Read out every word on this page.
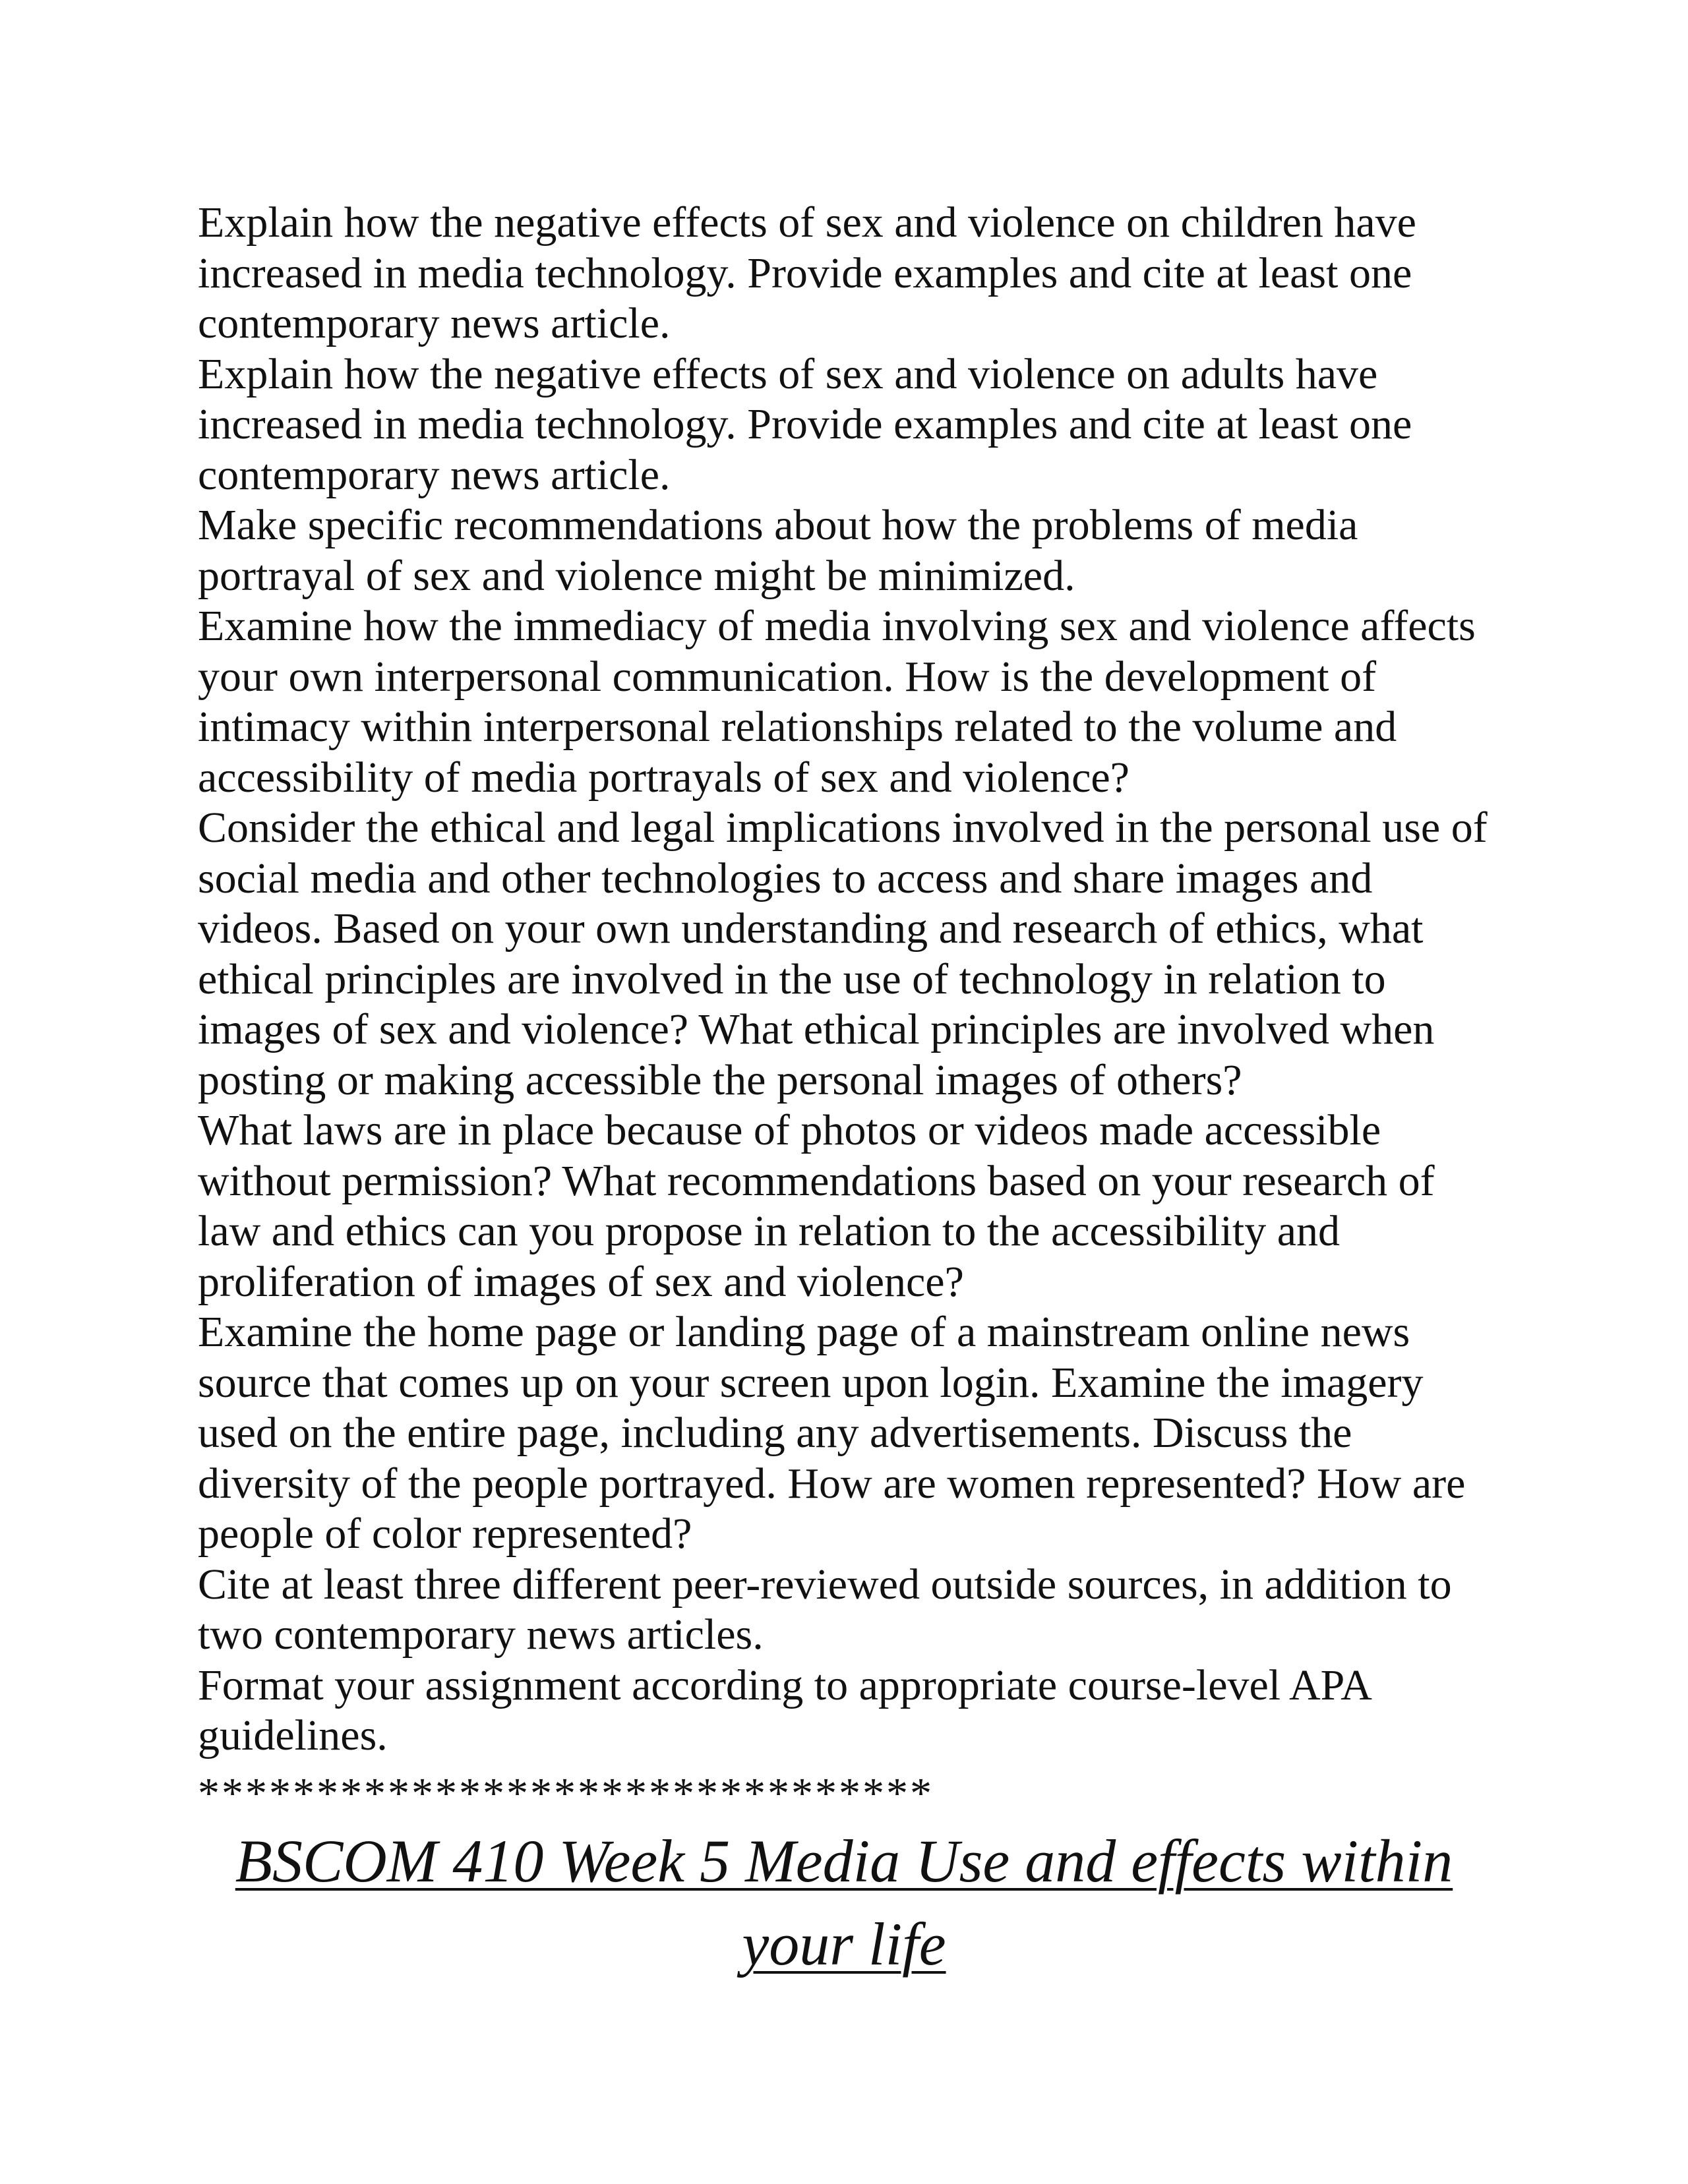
Explain how the negative effects of sex and violence on children have increased in media technology. Provide examples and cite at least one contemporary news article.

Explain how the negative effects of sex and violence on adults have increased in media technology. Provide examples and cite at least one contemporary news article.

Make specific recommendations about how the problems of media portrayal of sex and violence might be minimized.

Examine how the immediacy of media involving sex and violence affects your own interpersonal communication. How is the development of intimacy within interpersonal relationships related to the volume and accessibility of media portrayals of sex and violence?

Consider the ethical and legal implications involved in the personal use of social media and other technologies to access and share images and videos. Based on your own understanding and research of ethics, what ethical principles are involved in the use of technology in relation to images of sex and violence? What ethical principles are involved when posting or making accessible the personal images of others?

What laws are in place because of photos or videos made accessible without permission? What recommendations based on your research of law and ethics can you propose in relation to the accessibility and proliferation of images of sex and violence?

Examine the home page or landing page of a mainstream online news source that comes up on your screen upon login. Examine the imagery used on the entire page, including any advertisements. Discuss the diversity of the people portrayed. How are women represented? How are people of color represented?

Cite at least three different peer-reviewed outside sources, in addition to two contemporary news articles.

Format your assignment according to appropriate course-level APA guidelines.

*******************************
BSCOM 410 Week 5 Media Use and effects within your life
